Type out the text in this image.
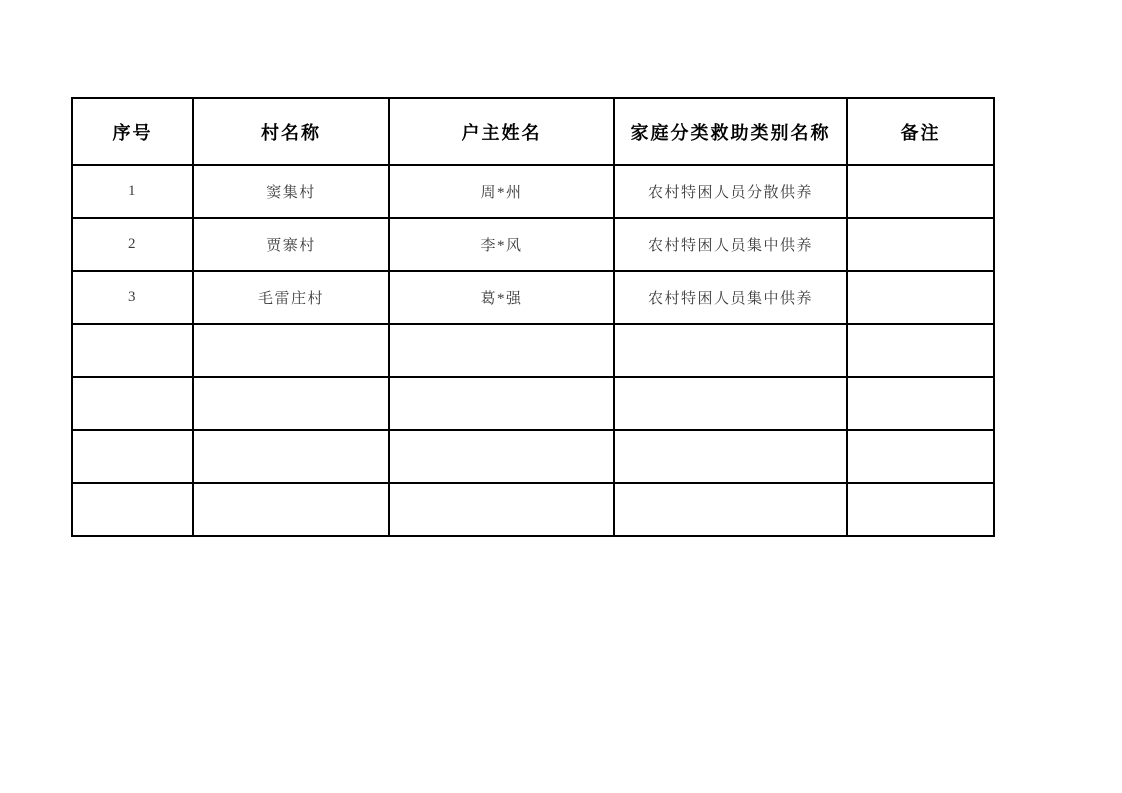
序号	村名称	户主姓名	家庭分类救助类别名称	备注
1	窦集村	周*州	农村特困人员分散供养	
2	贾寨村	李*风	农村特困人员集中供养	
3	毛雷庄村	葛*强	农村特困人员集中供养	
